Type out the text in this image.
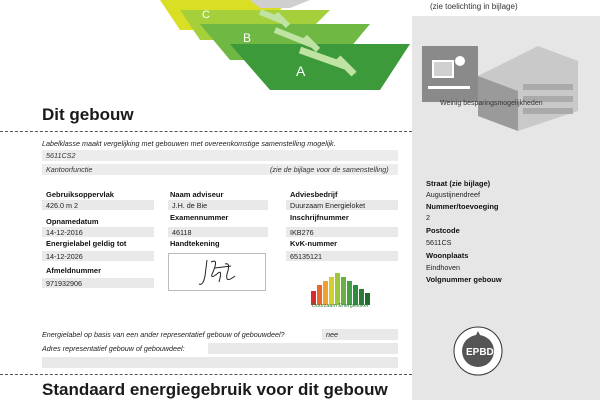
(zie toelichting in bijlage)
C
B
A
Weinig besparingsmogelijkheden
Dit gebouw
Labelklasse maakt vergelijking met gebouwen met overeenkomstige samenstelling mogelijk.
5611CS2
Kantoorfunctie	(zie de bijlage voor de samenstelling)
Gebruiksoppervlak
426.0 m 2
Opnamedatum
14-12-2016
Energielabel geldig tot
14-12-2026
Afmeldnummer
971932906
Naam adviseur
J.H. de Bie
Examennummer
46118
Handtekening
Adviesbedrijf
Duurzaam Energieloket
Inschrijfnummer
IKB276
KvK-nummer
65135121
Duurzaam Energieloket
Energielabel op basis van een ander representatief gebouw of gebouwdeel?	nee
Adres representatief gebouw of gebouwdeel:
Straat (zie bijlage)
Augustijnendreef
Nummer/toevoeging
2
Postcode
5611CS
Woonplaats
Eindhoven
Volgnummer gebouw
EPBD
Standaard energiegebruik voor dit gebouw
